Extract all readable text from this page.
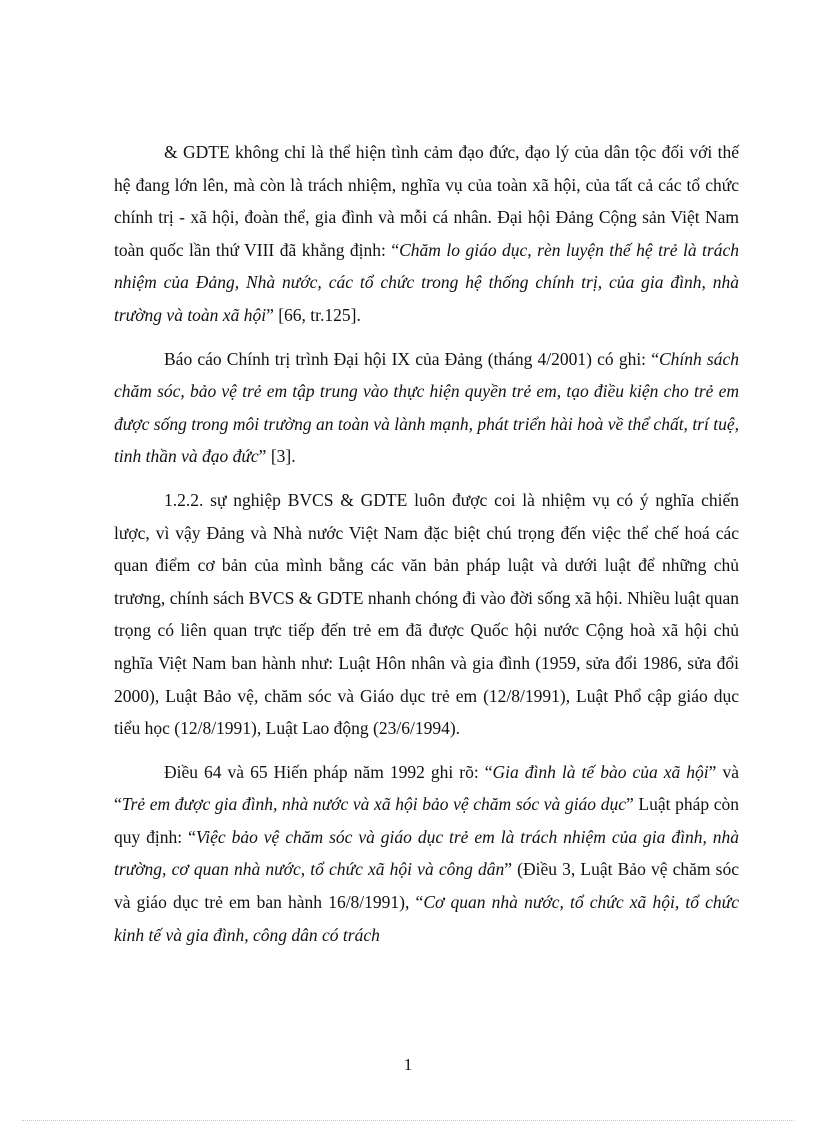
& GDTE không chỉ là thể hiện tình cảm đạo đức, đạo lý của dân tộc đối với thế hệ đang lớn lên, mà còn là trách nhiệm, nghĩa vụ của toàn xã hội, của tất cả các tổ chức chính trị - xã hội, đoàn thể, gia đình và mỗi cá nhân. Đại hội Đảng Cộng sản Việt Nam toàn quốc lần thứ VIII đã khẳng định: “Chăm lo giáo dục, rèn luyện thế hệ trẻ là trách nhiệm của Đảng, Nhà nước, các tổ chức trong hệ thống chính trị, của gia đình, nhà trường và toàn xã hội” [66, tr.125].

Báo cáo Chính trị trình Đại hội IX của Đảng (tháng 4/2001) có ghi: “Chính sách chăm sóc, bảo vệ trẻ em tập trung vào thực hiện quyền trẻ em, tạo điều kiện cho trẻ em được sống trong môi trường an toàn và lành mạnh, phát triển hài hoà về thể chất, trí tuệ, tinh thần và đạo đức” [3].

1.2.2. sự nghiệp BVCS & GDTE luôn được coi là nhiệm vụ có ý nghĩa chiến lược, vì vậy Đảng và Nhà nước Việt Nam đặc biệt chú trọng đến việc thể chế hoá các quan điểm cơ bản của mình bằng các văn bản pháp luật và dưới luật để những chủ trương, chính sách BVCS & GDTE nhanh chóng đi vào đời sống xã hội. Nhiều luật quan trọng có liên quan trực tiếp đến trẻ em đã được Quốc hội nước Cộng hoà xã hội chủ nghĩa Việt Nam ban hành như: Luật Hôn nhân và gia đình (1959, sửa đổi 1986, sửa đổi 2000), Luật Bảo vệ, chăm sóc và Giáo dục trẻ em (12/8/1991), Luật Phổ cập giáo dục tiểu học (12/8/1991), Luật Lao động (23/6/1994).

Điều 64 và 65 Hiến pháp năm 1992 ghi rõ: “Gia đình là tế bào của xã hội” và “Trẻ em được gia đình, nhà nước và xã hội bảo vệ chăm sóc và giáo dục” Luật pháp còn quy định: “Việc bảo vệ chăm sóc và giáo dục trẻ em là trách nhiệm của gia đình, nhà trường, cơ quan nhà nước, tổ chức xã hội và công dân” (Điều 3, Luật Bảo vệ chăm sóc và giáo dục trẻ em ban hành 16/8/1991), “Cơ quan nhà nước, tổ chức xã hội, tổ chức kinh tế và gia đình, công dân có trách

1
